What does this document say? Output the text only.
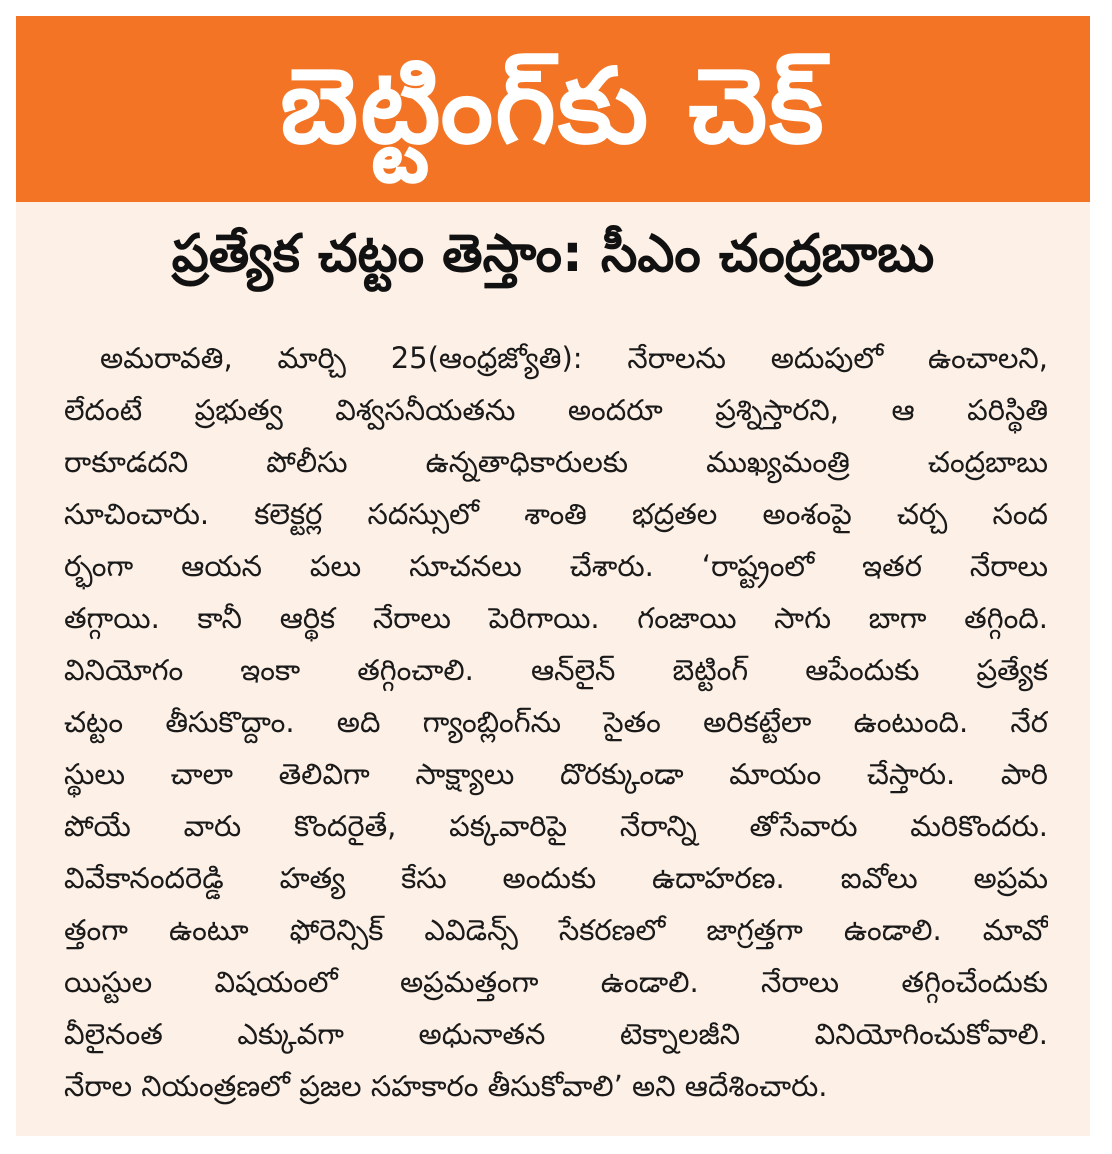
బెట్టింగ్‌కు చెక్
ప్రత్యేక చట్టం తెస్తాం: సీఎం చంద్రబాబు
అమరావతి, మార్చి 25(ఆంధ్రజ్యోతి): నేరాలను అదుపులో ఉంచాలని,
లేదంటే ప్రభుత్వ విశ్వసనీయతను అందరూ ప్రశ్నిస్తారని, ఆ పరిస్థితి
రాకూడదని పోలీసు ఉన్నతాధికారులకు ముఖ్యమంత్రి చంద్రబాబు
సూచించారు. కలెక్టర్ల సదస్సులో శాంతి భద్రతల అంశంపై చర్చ సంద
ర్భంగా ఆయన పలు సూచనలు చేశారు. ‘రాష్ట్రంలో ఇతర నేరాలు
తగ్గాయి. కానీ ఆర్థిక నేరాలు పెరిగాయి. గంజాయి సాగు బాగా తగ్గింది.
వినియోగం ఇంకా తగ్గించాలి. ఆన్‌లైన్ బెట్టింగ్ ఆపేందుకు ప్రత్యేక
చట్టం తీసుకొద్దాం. అది గ్యాంబ్లింగ్‌ను సైతం అరికట్టేలా ఉంటుంది. నేర
స్థులు చాలా తెలివిగా సాక్ష్యాలు దొరక్కుండా మాయం చేస్తారు. పారి
పోయే వారు కొందరైతే, పక్కవారిపై నేరాన్ని తోసేవారు మరికొందరు.
వివేకానందరెడ్డి హత్య కేసు అందుకు ఉదాహరణ. ఐవోలు అప్రమ
త్తంగా ఉంటూ ఫోరెన్సిక్ ఎవిడెన్స్ సేకరణలో జాగ్రత్తగా ఉండాలి. మావో
యిస్టుల విషయంలో అప్రమత్తంగా ఉండాలి. నేరాలు తగ్గించేందుకు
వీలైనంత ఎక్కువగా అధునాతన టెక్నాలజీని వినియోగించుకోవాలి.
నేరాల నియంత్రణలో ప్రజల సహకారం తీసుకోవాలి’ అని ఆదేశించారు.
